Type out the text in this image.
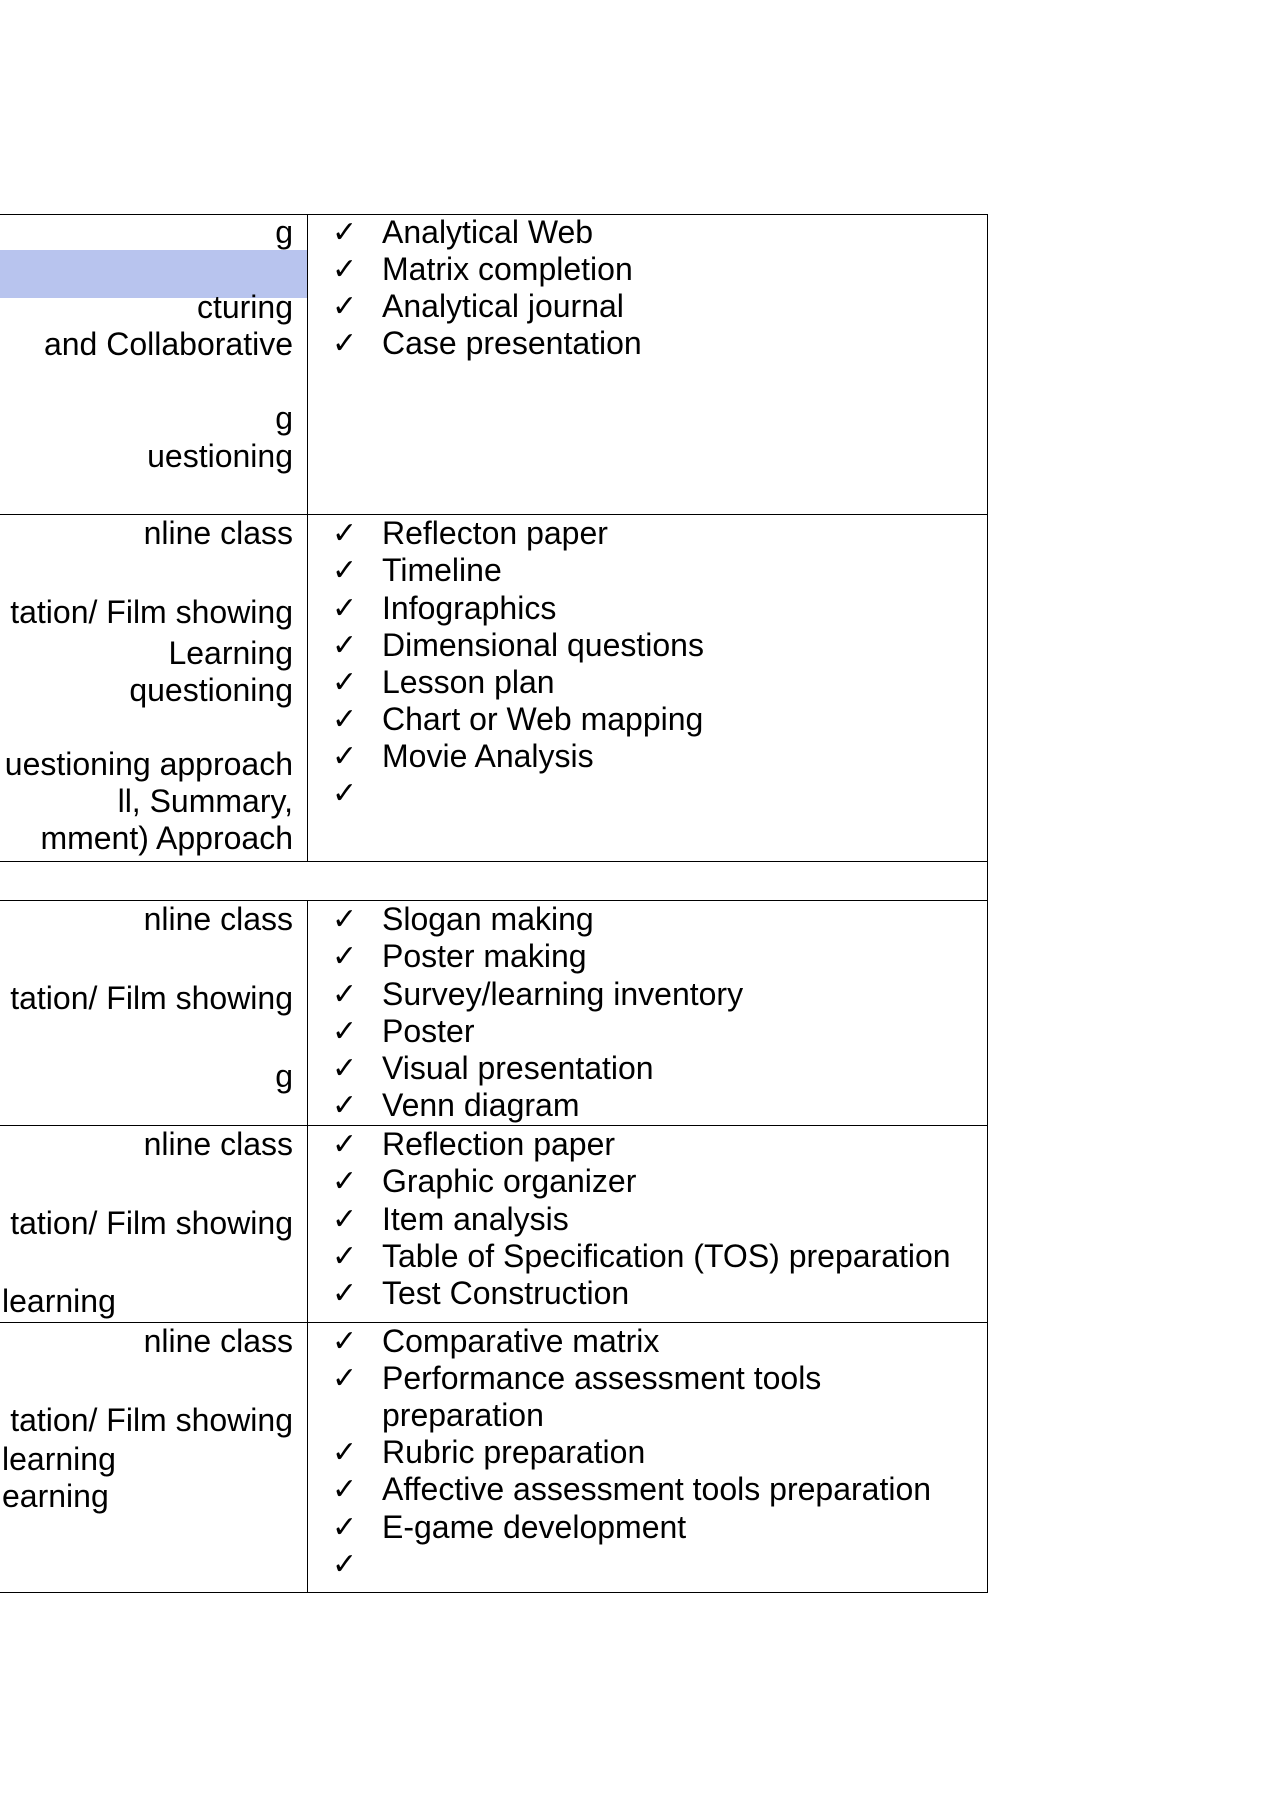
g
cturing
and Collaborative
g
uestioning
nline class
tation/ Film showing
Learning
questioning
uestioning approach
ll, Summary,
mment) Approach
nline class
tation/ Film showing
g
nline class
tation/ Film showing
learning
nline class
tation/ Film showing
learning
earning
✓ Analytical Web
✓ Matrix completion
✓ Analytical journal
✓ Case presentation
✓ Reflecton paper
✓ Timeline
✓ Infographics
✓ Dimensional questions
✓ Lesson plan
✓ Chart or Web mapping
✓ Movie Analysis
✓
✓ Slogan making
✓ Poster making
✓ Survey/learning inventory
✓ Poster
✓ Visual presentation
✓ Venn diagram
✓ Reflection paper
✓ Graphic organizer
✓ Item analysis
✓ Table of Specification (TOS) preparation
✓ Test Construction
✓ Comparative matrix
✓ Performance assessment tools
preparation
✓ Rubric preparation
✓ Affective assessment tools preparation
✓ E-game development
✓
